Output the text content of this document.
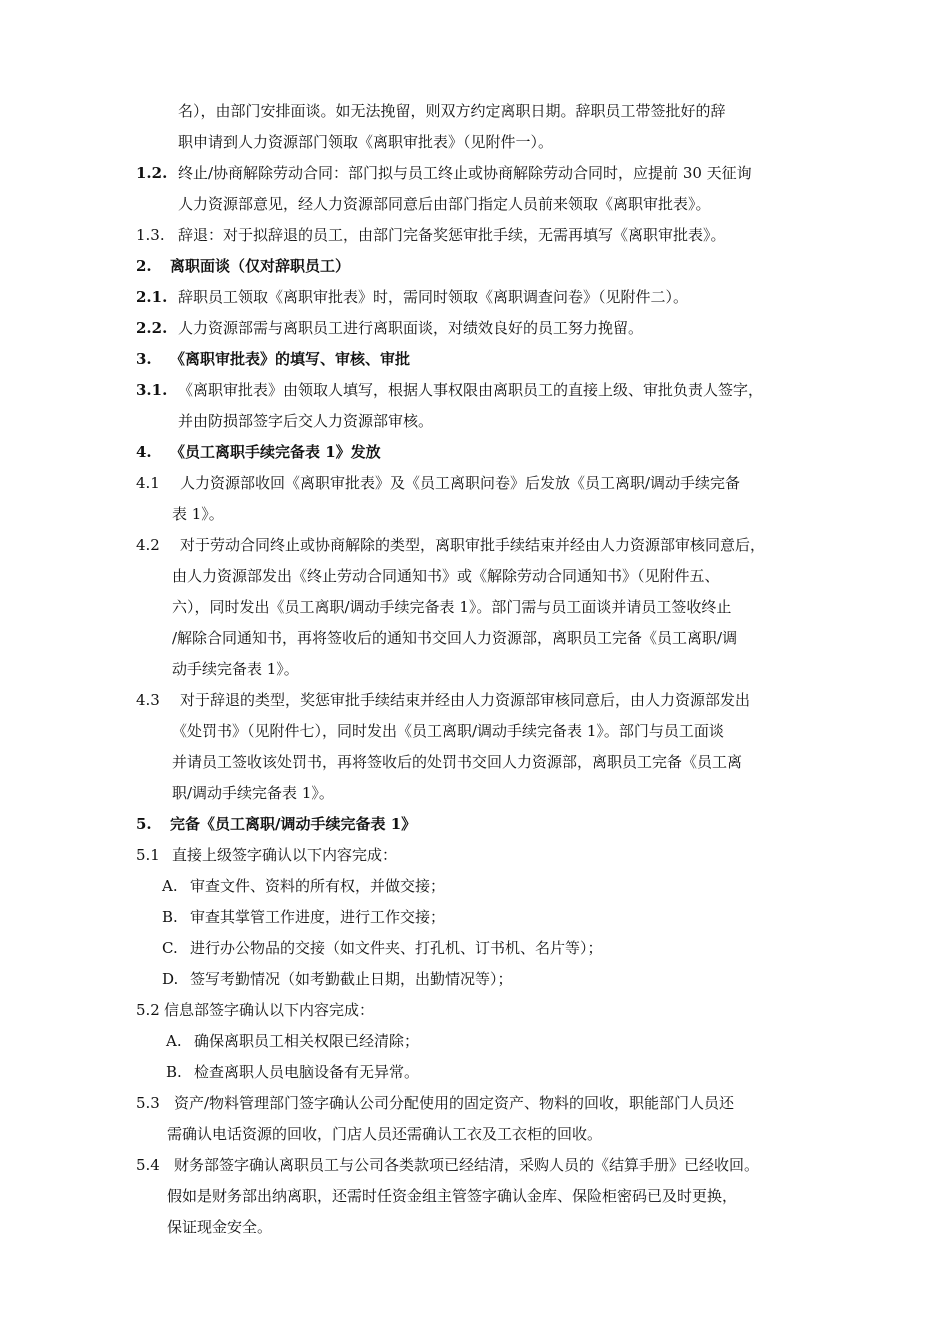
名），由部门安排面谈。如无法挽留，则双方约定离职日期。辞职员工带签批好的辞
职申请到人力资源部门领取《离职审批表》（见附件一）。
1.2. 终止/协商解除劳动合同：部门拟与员工终止或协商解除劳动合同时，应提前 30 天征询
人力资源部意见，经人力资源部同意后由部门指定人员前来领取《离职审批表》。
1.3. 辞退：对于拟辞退的员工，由部门完备奖惩审批手续，无需再填写《离职审批表》。
2. 离职面谈（仅对辞职员工）
2.1. 辞职员工领取《离职审批表》时，需同时领取《离职调查问卷》（见附件二）。
2.2. 人力资源部需与离职员工进行离职面谈，对绩效良好的员工努力挽留。
3. 《离职审批表》的填写、审核、审批
3.1. 《离职审批表》由领取人填写，根据人事权限由离职员工的直接上级、审批负责人签字，
并由防损部签字后交人力资源部审核。
4. 《员工离职手续完备表 1》发放
4.1 人力资源部收回《离职审批表》及《员工离职问卷》后发放《员工离职/调动手续完备
表 1》。
4.2 对于劳动合同终止或协商解除的类型，离职审批手续结束并经由人力资源部审核同意后，
由人力资源部发出《终止劳动合同通知书》或《解除劳动合同通知书》（见附件五、
六），同时发出《员工离职/调动手续完备表 1》。部门需与员工面谈并请员工签收终止
/解除合同通知书，再将签收后的通知书交回人力资源部，离职员工完备《员工离职/调
动手续完备表 1》。
4.3 对于辞退的类型，奖惩审批手续结束并经由人力资源部审核同意后，由人力资源部发出
《处罚书》（见附件七），同时发出《员工离职/调动手续完备表 1》。部门与员工面谈
并请员工签收该处罚书，再将签收后的处罚书交回人力资源部，离职员工完备《员工离
职/调动手续完备表 1》。
5. 完备《员工离职/调动手续完备表 1》
5.1 直接上级签字确认以下内容完成：
A. 审查文件、资料的所有权，并做交接；
B. 审查其掌管工作进度，进行工作交接；
C. 进行办公物品的交接（如文件夹、打孔机、订书机、名片等）；
D. 签写考勤情况（如考勤截止日期，出勤情况等）；
5.2 信息部签字确认以下内容完成：
A. 确保离职员工相关权限已经清除；
B. 检查离职人员电脑设备有无异常。
5.3 资产/物料管理部门签字确认公司分配使用的固定资产、物料的回收，职能部门人员还
需确认电话资源的回收，门店人员还需确认工衣及工衣柜的回收。
5.4 财务部签字确认离职员工与公司各类款项已经结清，采购人员的《结算手册》已经收回。
假如是财务部出纳离职，还需时任资金组主管签字确认金库、保险柜密码已及时更换，
保证现金安全。
